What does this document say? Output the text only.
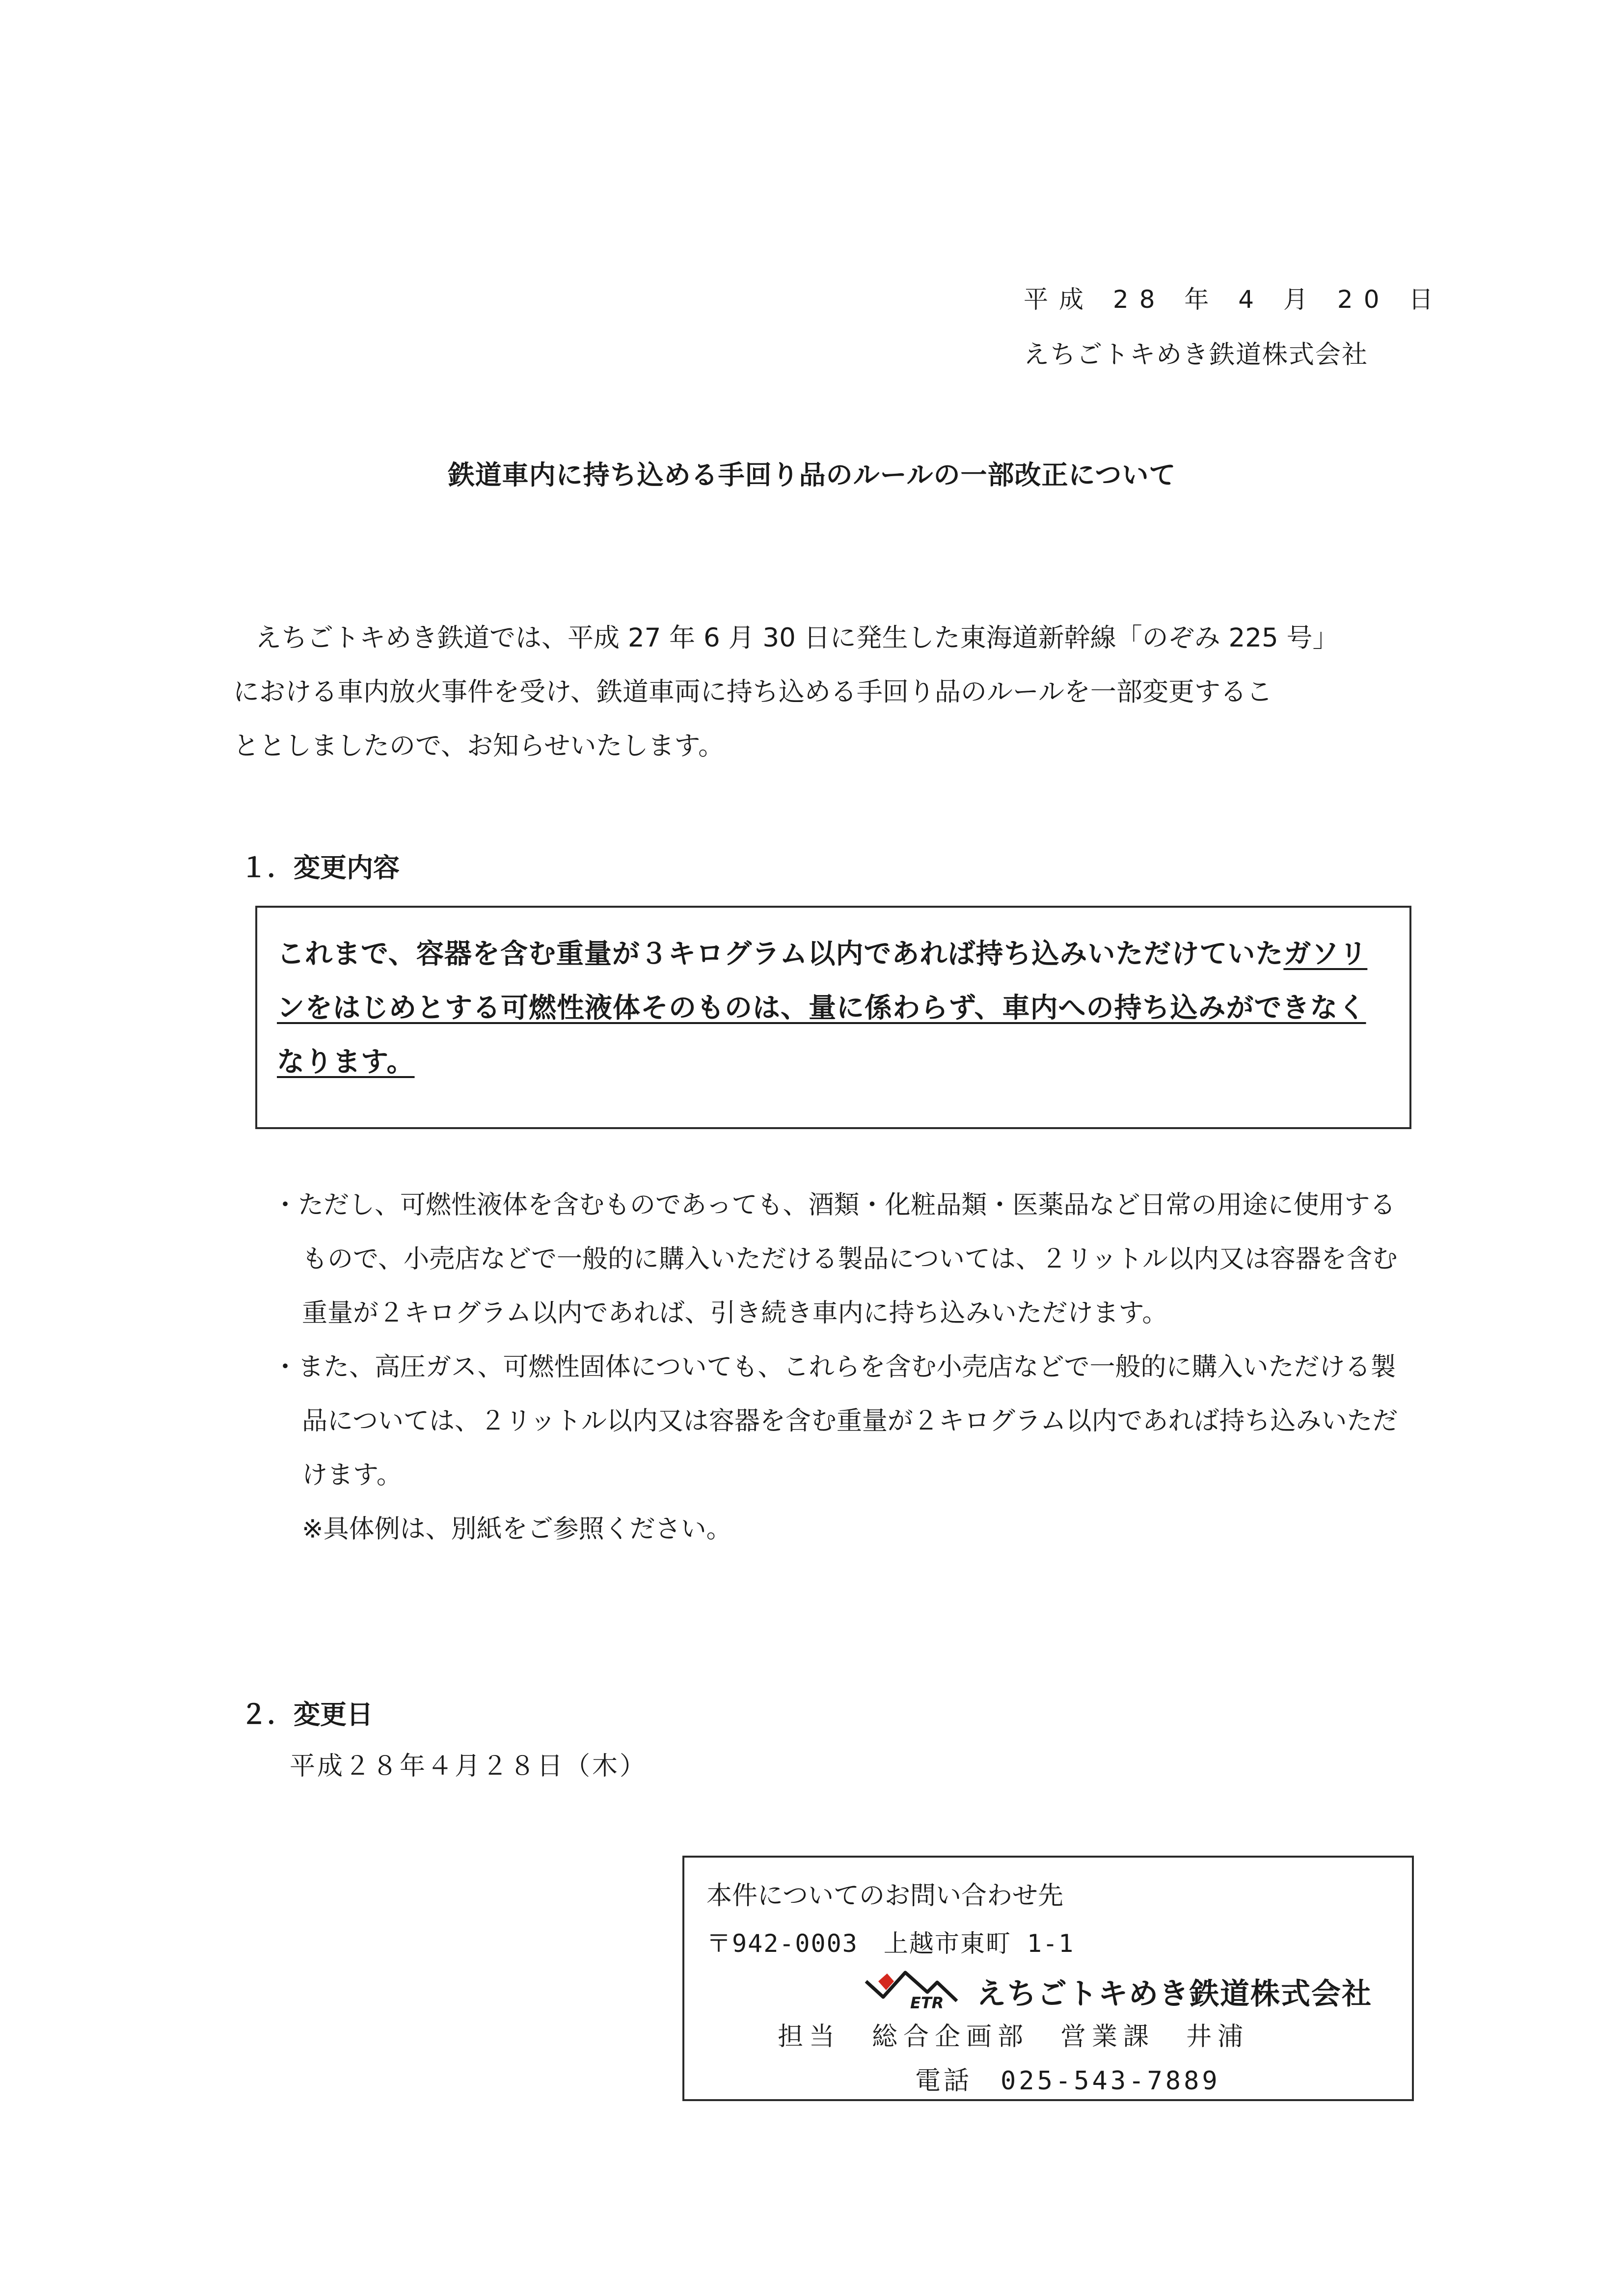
平成 28 年 4 月 20 日
えちごトキめき鉄道株式会社
鉄道車内に持ち込める手回り品のルールの一部改正について

えちごトキめき鉄道では、平成 27 年 6 月 30 日に発生した東海道新幹線「のぞみ 225 号」

における車内放火事件を受け、鉄道車両に持ち込める手回り品のルールを一部変更するこ

ととしましたので、お知らせいたします。

１．変更内容
これまで、容器を含む重量が３キログラム以内であれば持ち込みいただけていたガソリンをはじめとする可燃性液体そのものは、量に係わらず、車内への持ち込みができなくなります。

・ただし、可燃性液体を含むものであっても、酒類・化粧品類・医薬品など日常の用途に使用するもので、小売店などで一般的に購入いただける製品については、２リットル以内又は容器を含む重量が２キログラム以内であれば、引き続き車内に持ち込みいただけます。

・また、高圧ガス、可燃性固体についても、これらを含む小売店などで一般的に購入いただける製品については、２リットル以内又は容器を含む重量が２キログラム以内であれば持ち込みいただけます。

※具体例は、別紙をご参照ください。

２．変更日
平成２８年４月２８日（木）
本件についてのお問い合わせ先
〒942-0003　上越市東町 1-1
ETR えちごトキめき鉄道株式会社
担当　総合企画部　営業課　井浦
電話　025-543-7889
